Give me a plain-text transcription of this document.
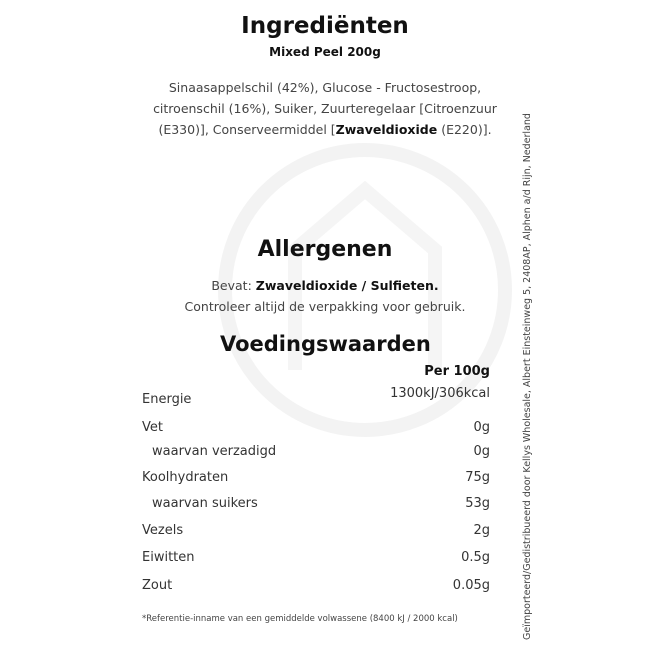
Ingrediënten
Mixed Peel 200g
Sinaasappelschil (42%), Glucose - Fructosestroop,
citroenschil (16%), Suiker, Zuurteregelaar [Citroenzuur
(E330)], Conserveermiddel [Zwaveldioxide (E220)].
Allergenen
Bevat: Zwaveldioxide / Sulfieten.
Controleer altijd de verpakking voor gebruik.
Voedingswaarden
Per 100g
Energie	1300kJ/306kcal
Vet	0g
waarvan verzadigd	0g
Koolhydraten	75g
waarvan suikers	53g
Vezels	2g
Eiwitten	0.5g
Zout	0.05g
*Referentie-inname van een gemiddelde volwassene (8400 kJ / 2000 kcal)	Geïmporteerd/Gedistribueerd door Kellys Wholesale, Albert Einsteinweg 5, 2408AP, Alphen a/d Rijn, Nederland
